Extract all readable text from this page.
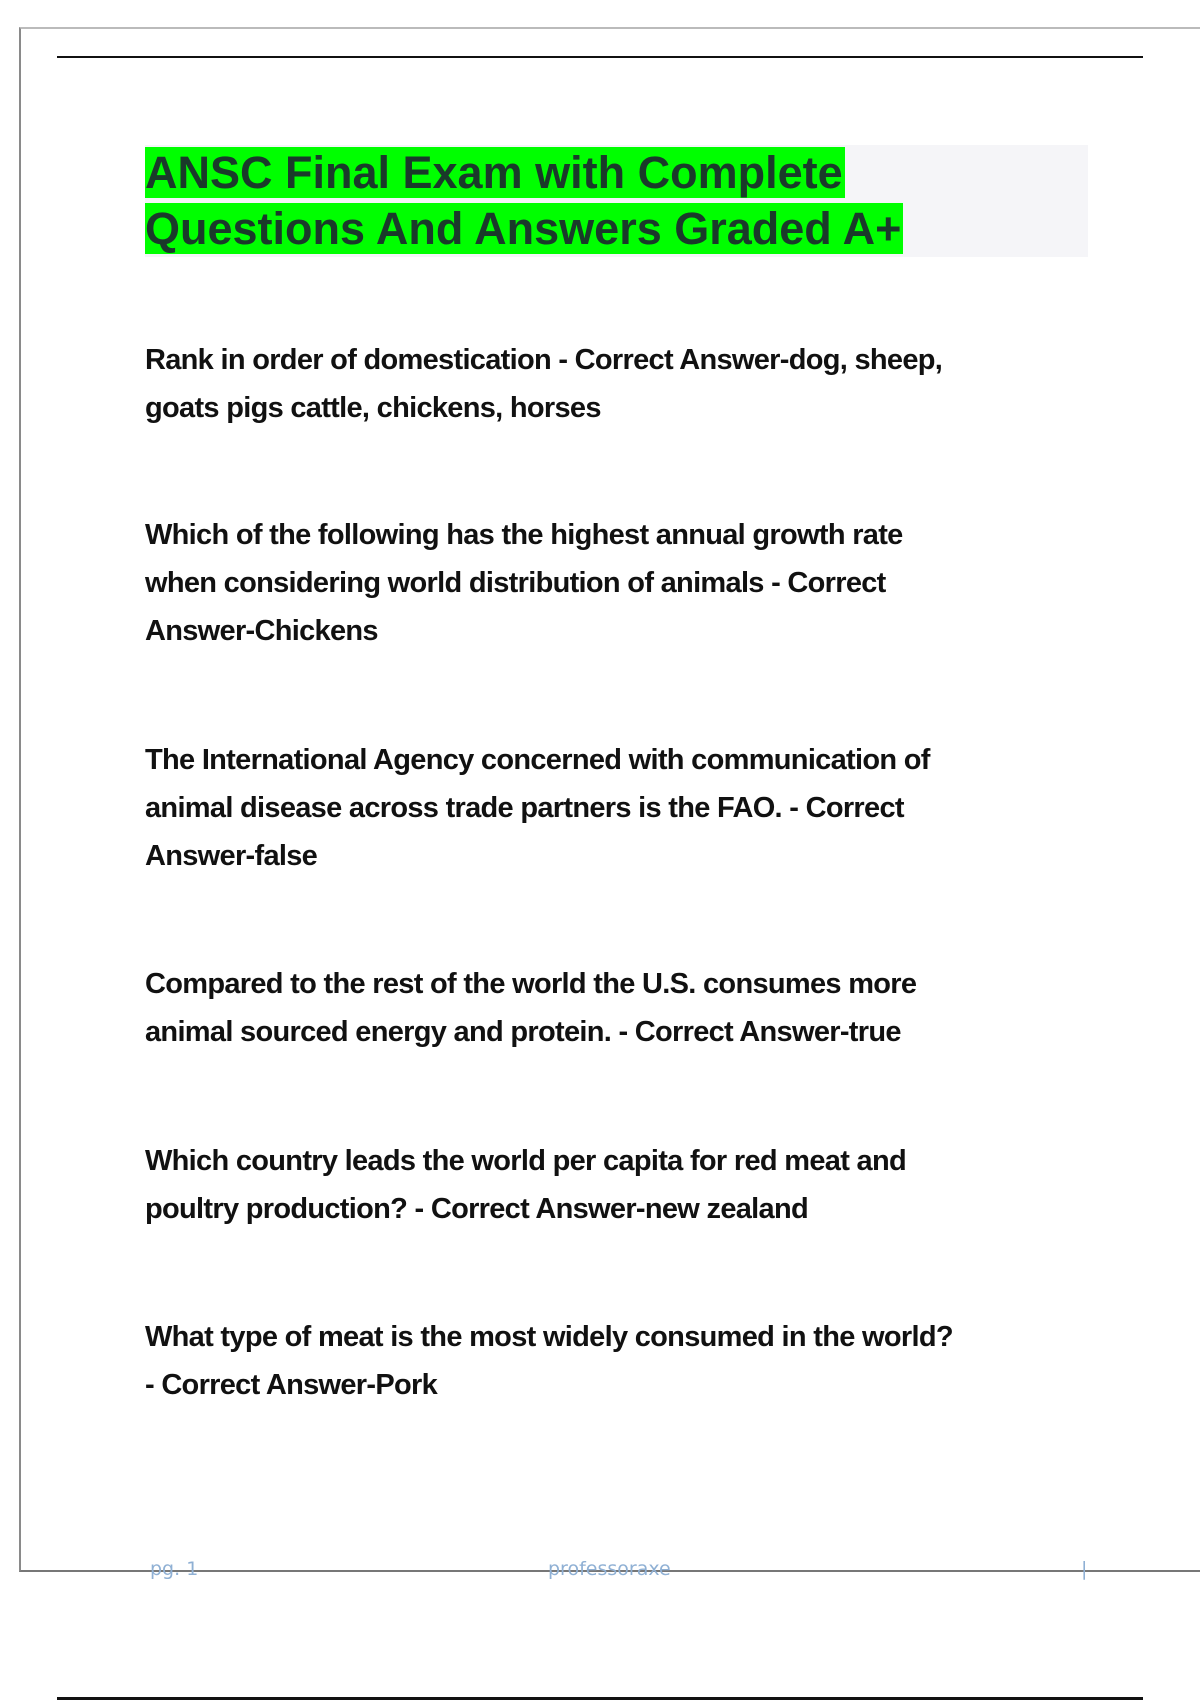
ANSC Final Exam with Complete
Questions And Answers Graded A+
Rank in order of domestication - Correct Answer-dog, sheep,
goats pigs cattle, chickens, horses
Which of the following has the highest annual growth rate
when considering world distribution of animals - Correct
Answer-Chickens
The International Agency concerned with communication of
animal disease across trade partners is the FAO. - Correct
Answer-false
Compared to the rest of the world the U.S. consumes more
animal sourced energy and protein. - Correct Answer-true
Which country leads the world per capita for red meat and
poultry production? - Correct Answer-new zealand
What type of meat is the most widely consumed in the world?
- Correct Answer-Pork
pg. 1	professoraxe	|
